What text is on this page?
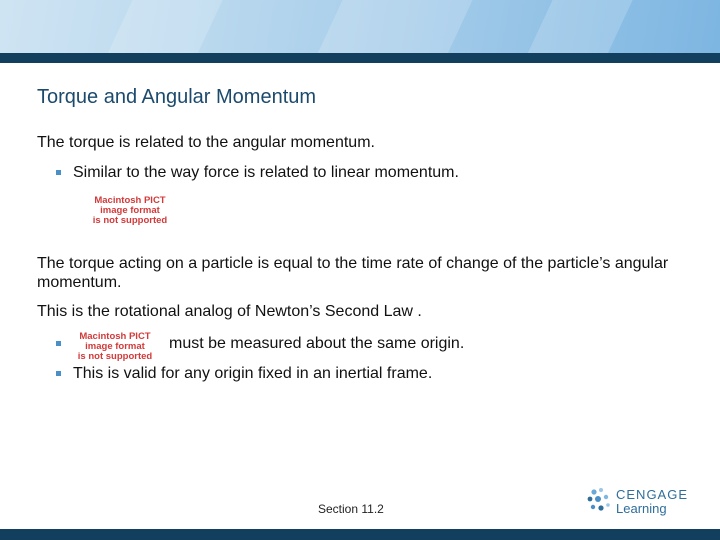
Torque and Angular Momentum
The torque is related to the angular momentum.
Similar to the way force is related to linear momentum.
Macintosh PICT
image format
is not supported
The torque acting on a particle is equal to the time rate of change of the particle’s angular momentum.
This is the rotational analog of Newton’s Second Law .
Macintosh PICT
image format
is not supported
must be measured about the same origin.
This is valid for any origin fixed in an inertial frame.
Section 11.2
CENGAGE
Learning
